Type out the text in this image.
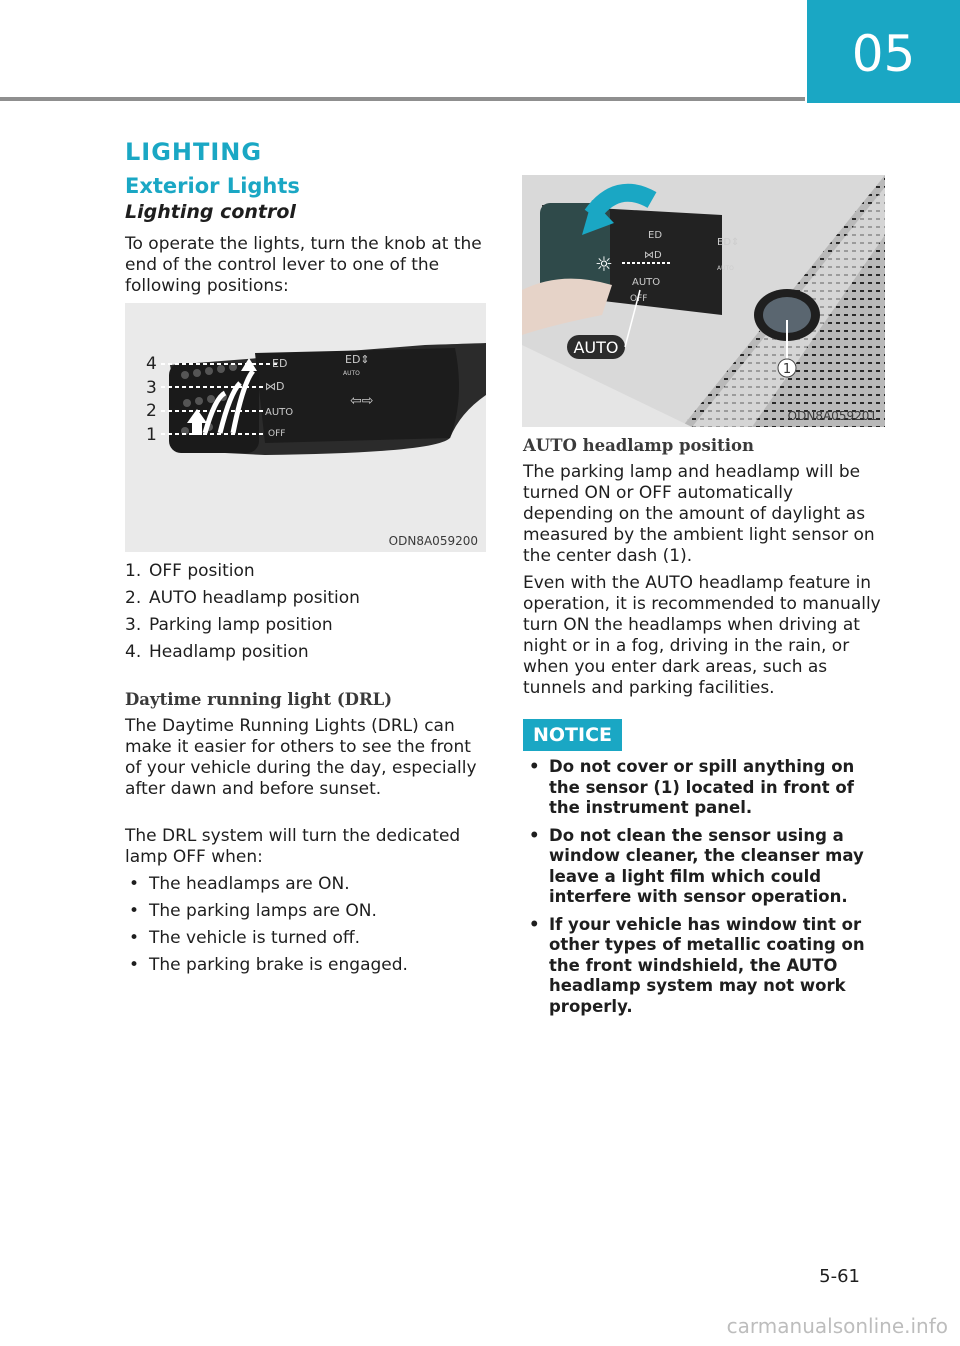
05
LIGHTING
Exterior Lights
Lighting control
To operate the lights, turn the knob at the end of the control lever to one of the following positions:
ED
⋈D
ED⇕
⇦⇨
AUTO
AUTO
OFF
4
3
2
1
ODN8A059200
1. OFF position
2. AUTO headlamp position
3. Parking lamp position
4. Headlamp position
Daytime running light (DRL)
The Daytime Running Lights (DRL) can make it easier for others to see the front of your vehicle during the day, especially after dawn and before sunset.
The DRL system will turn the dedicated lamp OFF when:
• The headlamps are ON.
• The parking lamps are ON.
• The vehicle is turned off.
• The parking brake is engaged.
1
☼
ED
⋈D
ED⇕
AUTO
AUTO
OFF
AUTO
ODN8A059201
AUTO headlamp position
The parking lamp and headlamp will be turned ON or OFF automatically depending on the amount of daylight as measured by the ambient light sensor on the center dash (1).
Even with the AUTO headlamp feature in operation, it is recommended to manually turn ON the headlamps when driving at night or in a fog, driving in the rain, or when you enter dark areas, such as tunnels and parking facilities.
NOTICE
• Do not cover or spill anything on the sensor (1) located in front of the instrument panel.
• Do not clean the sensor using a window cleaner, the cleanser may leave a light film which could interfere with sensor operation.
• If your vehicle has window tint or other types of metallic coating on the front windshield, the AUTO headlamp system may not work properly.
5-61
carmanualsonline.info
